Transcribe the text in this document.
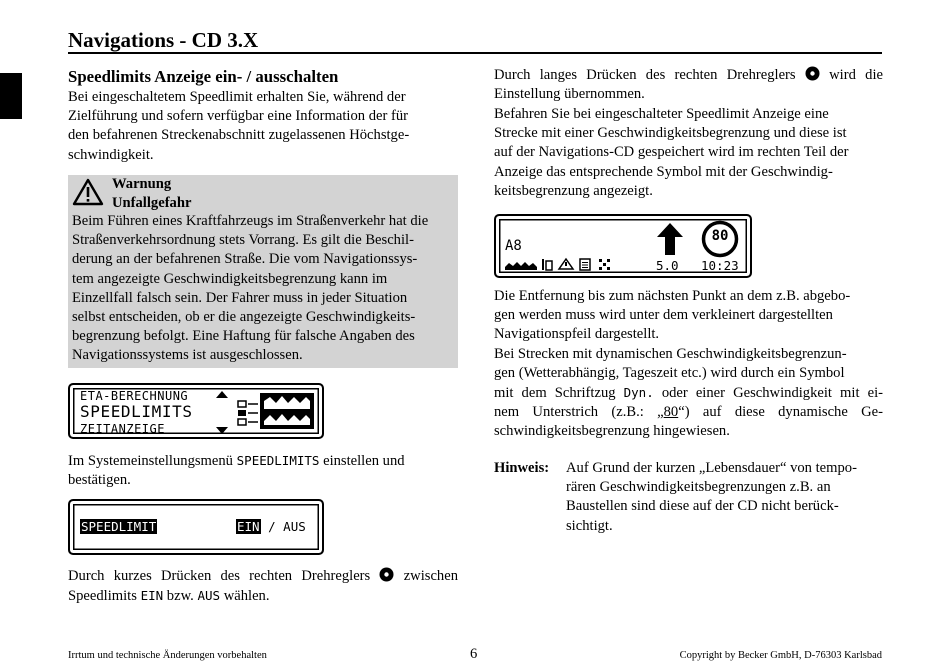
Navigations - CD 3.X
Speedlimits Anzeige ein- / ausschalten
Bei eingeschaltetem Speedlimit erhalten Sie, während der
Zielführung und sofern verfügbar eine Information der für
den befahrenen Streckenabschnitt zugelassenen Höchstge-
schwindigkeit.
Warnung
Unfallgefahr
Beim Führen eines Kraftfahrzeugs im Straßenverkehr hat die
Straßenverkehrsordnung stets Vorrang. Es gilt die Beschil-
derung an der befahrenen Straße. Die vom Navigationssys-
tem angezeigte Geschwindigkeitsbegrenzung kann im
Einzellfall falsch sein. Der Fahrer muss in jeder Situation
selbst entscheiden, ob er die angezeigte Geschwindigkeits-
begrenzung befolgt. Eine Haftung für falsche Angaben des
Navigationssystems ist ausgeschlossen.
ETA-BERECHNUNG
SPEEDLIMITS
ZEITANZEIGE
Im Systemeinstellungsmenü SPEEDLIMITS einstellen und
bestätigen.
SPEEDLIMIT	EIN / AUS
Durch kurzes Drücken des rechten Drehreglers zwischen
Speedlimits EIN bzw. AUS wählen.
Durch langes Drücken des rechten Drehreglers wird die
Einstellung übernommen.
Befahren Sie bei eingeschalteter Speedlimit Anzeige eine
Strecke mit einer Geschwindigkeitsbegrenzung und diese ist
auf der Navigations-CD gespeichert wird im rechten Teil der
Anzeige das entsprechende Symbol mit der Geschwindig-
keitsbegrenzung angezeigt.
A8
5.0
80
10:23
Die Entfernung bis zum nächsten Punkt an dem z.B. abgebo-
gen werden muss wird unter dem verkleinert dargestellten
Navigationspfeil dargestellt.
Bei Strecken mit dynamischen Geschwindigkeitsbegrenzun-
gen (Wetterabhängig, Tageszeit etc.) wird durch ein Symbol
mit dem Schriftzug Dyn. oder einer Geschwindigkeit mit ei-
nem Unterstrich (z.B.: „80“) auf diese dynamische Ge-
schwindigkeitsbegrenzung hingewiesen.
Hinweis: Auf Grund der kurzen „Lebensdauer“ von tempo-
rären Geschwindigkeitsbegrenzungen z.B. an
Baustellen sind diese auf der CD nicht berück-
sichtigt.
Irrtum und technische Änderungen vorbehalten	6	Copyright by Becker GmbH, D-76303 Karlsbad
